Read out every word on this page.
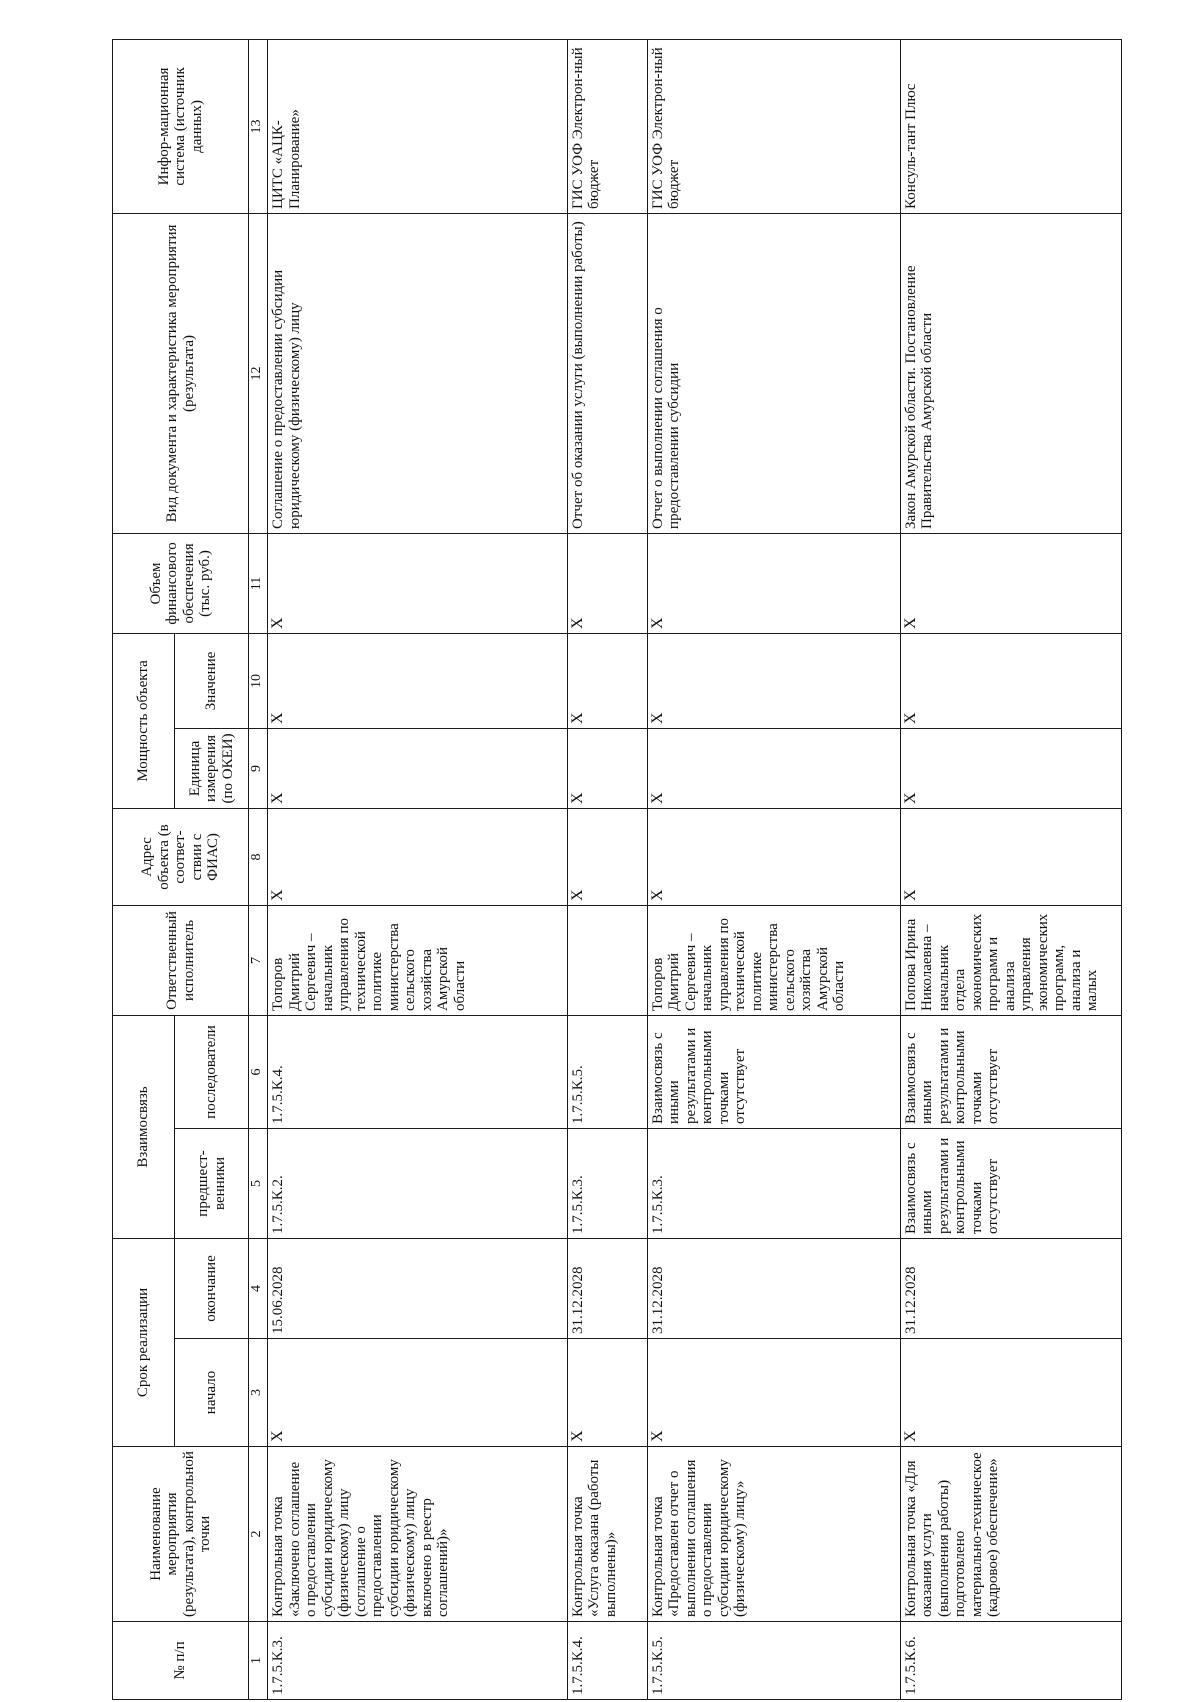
№ п/п	Наименование мероприятия (результата), контрольной точки	Срок реализации		Взаимосвязь		Ответственный исполнитель	Адрес объекта (в соответ-ствии с ФИАС)	Мощность объекта		Объем финансового обеспечения (тыс. руб.)	Вид документа и характеристика мероприятия (результата)	Инфор-мационная система (источник данных)
		начало	окончание	предшест-венники	последователи			Единица измерения (по ОКЕИ)	Значение			
1	2	3	4	5	6	7	8	9	10	11	12	13
1.7.5.К.3.	Контрольная точка «Заключено соглашение о предоставлении субсидии юридическому (физическому) лицу (соглашение о предоставлении субсидии юридическому (физическому) лицу включено в реестр соглашений)»	X	15.06.2028	1.7.5.К.2.	1.7.5.К.4.	Топоров Дмитрий Сергеевич – начальник управления по технической политике министерства сельского хозяйства Амурской области	X	X	X	X	Соглашение о предоставлении субсидии юридическому (физическому) лицу	ЦИТС «АЦК-Планирование»
1.7.5.К.4.	Контрольная точка «Услуга оказана (работы выполнены)»	X	31.12.2028	1.7.5.К.3.	1.7.5.К.5.		X	X	X	X	Отчет об оказании услуги (выполнении работы)	ГИС УОФ Электрон-ный бюджет
1.7.5.К.5.	Контрольная точка «Предоставлен отчет о выполнении соглашения о предоставлении субсидии юридическому (физическому) лицу»	X	31.12.2028	1.7.5.К.3.	Взаимосвязь с иными результатами и контрольными точками отсутствует	Топоров Дмитрий Сергеевич – начальник управления по технической политике министерства сельского хозяйства Амурской области	X	X	X	X	Отчет о выполнении соглашения о предоставлении субсидии	ГИС УОФ Электрон-ный бюджет
1.7.5.К.6.	Контрольная точка «Для оказания услуги (выполнения работы) подготовлено материально-техническое (кадровое) обеспечение»	X	31.12.2028	Взаимосвязь с иными результатами и контрольными точками отсутствует	Взаимосвязь с иными результатами и контрольными точками отсутствует	Попова Ирина Николаевна – начальник отдела экономических программ и анализа управления экономических программ, анализа и малых	X	X	X	X	Закон Амурской области. Постановление Правительства Амурской области	Консуль-тант Плюс
